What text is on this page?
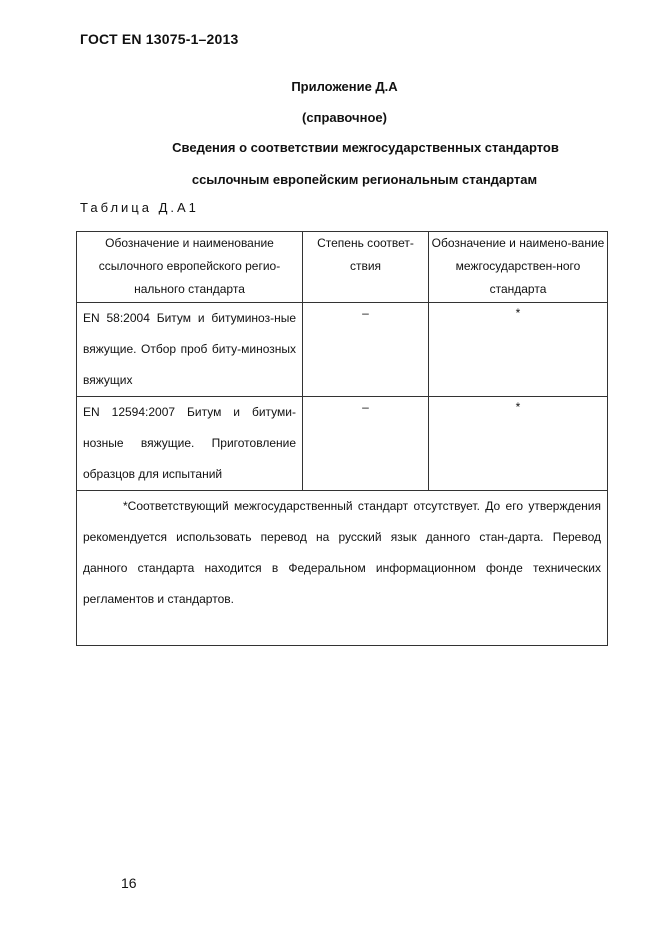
ГОСТ EN 13075-1–2013
Приложение Д.А
(справочное)
Сведения о соответствии межгосударственных стандартов
ссылочным европейским региональным стандартам
Таблица Д.А1
Обозначение и наименование ссылочного европейского регио-нального стандарта	Степень соответ-ствия	Обозначение и наимено-вание межгосударствен-ного стандарта

EN 58:2004 Битум и битуминоз-ные вяжущие. Отбор проб биту-минозных вяжущих	–	*

EN 12594:2007 Битум и битуми-нозные вяжущие. Приготовление образцов для испытаний	–	*

*Соответствующий межгосударственный стандарт отсутствует. До его утверждения рекомендуется использовать перевод на русский язык данного стан-дарта. Перевод данного стандарта находится в Федеральном информационном фонде технических регламентов и стандартов.		
16
